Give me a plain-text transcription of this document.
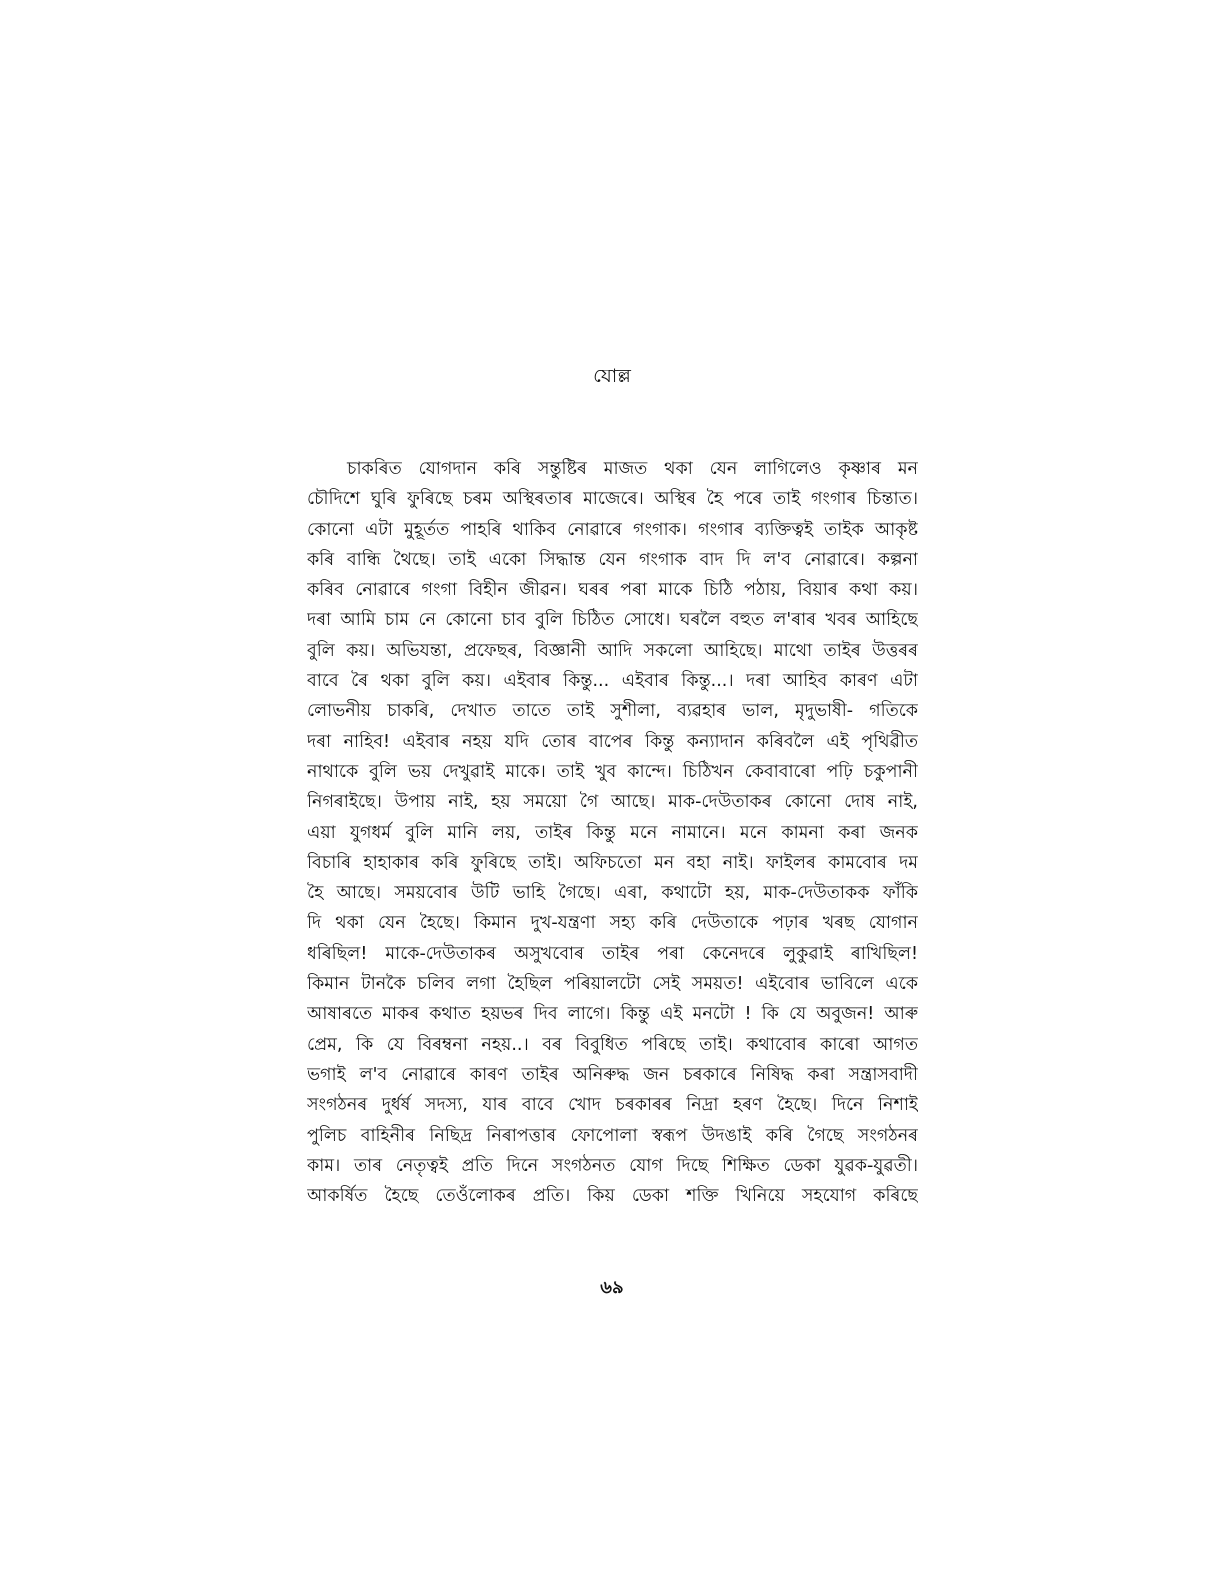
যোল্ল
চাকৰিত যোগদান কৰি সন্তুষ্টিৰ মাজত থকা যেন লাগিলেও কৃষ্ণাৰ মন
চৌদিশে ঘুৰি ফুৰিছে চৰম অস্থিৰতাৰ মাজেৰে। অস্থিৰ হৈ পৰে তাই গংগাৰ চিন্তাত।
কোনো এটা মুহূৰ্তত পাহৰি থাকিব নোৱাৰে গংগাক। গংগাৰ ব্যক্তিত্বই তাইক আকৃষ্ট
কৰি বান্ধি থৈছে। তাই একো সিদ্ধান্ত যেন গংগাক বাদ দি ল'ব নোৱাৰে। কল্পনা
কৰিব নোৱাৰে গংগা বিহীন জীৱন। ঘৰৰ পৰা মাকে চিঠি পঠায়, বিয়াৰ কথা কয়।
দৰা আমি চাম নে কোনো চাব বুলি চিঠিত সোধে। ঘৰলৈ বহুত ল'ৰাৰ খবৰ আহিছে
বুলি কয়। অভিযন্তা, প্ৰফেছৰ, বিজ্ঞানী আদি সকলো আহিছে। মাথো তাইৰ উত্তৰৰ
বাবে ৰৈ থকা বুলি কয়। এইবাৰ কিন্তু... এইবাৰ কিন্তু...। দৰা আহিব কাৰণ এটা
লোভনীয় চাকৰি, দেখাত তাতে তাই সুশীলা, ব্যৱহাৰ ভাল, মৃদুভাষী- গতিকে
দৰা নাহিব! এইবাৰ নহয় যদি তোৰ বাপেৰ কিন্তু কন্যাদান কৰিবলৈ এই পৃথিৱীত
নাথাকে বুলি ভয় দেখুৱাই মাকে। তাই খুব কান্দে। চিঠিখন কেবাবাৰো পঢ়ি চকুপানী
নিগৰাইছে। উপায় নাই, হয় সময়ো গৈ আছে। মাক-দেউতাকৰ কোনো দোষ নাই,
এয়া যুগধৰ্ম বুলি মানি লয়, তাইৰ কিন্তু মনে নামানে। মনে কামনা কৰা জনক
বিচাৰি হাহাকাৰ কৰি ফুৰিছে তাই। অফিচতো মন বহা নাই। ফাইলৰ কামবোৰ দম
হৈ আছে। সময়বোৰ উটি ভাহি গৈছে। এৰা, কথাটো হয়, মাক-দেউতাকক ফাঁকি
দি থকা যেন হৈছে। কিমান দুখ-যন্ত্ৰণা সহ্য কৰি দেউতাকে পঢ়াৰ খৰছ যোগান
ধৰিছিল! মাকে-দেউতাকৰ অসুখবোৰ তাইৰ পৰা কেনেদৰে লুকুৱাই ৰাখিছিল!
কিমান টানকৈ চলিব লগা হৈছিল পৰিয়ালটো সেই সময়ত! এইবোৰ ভাবিলে একে
আষাৰতে মাকৰ কথাত হয়ভৰ দিব লাগে। কিন্তু এই মনটো ! কি যে অবুজন! আৰু
প্ৰেম, কি যে বিৰম্বনা নহয়..। বৰ বিবুধিত পৰিছে তাই। কথাবোৰ কাৰো আগত
ভগাই ল'ব নোৱাৰে কাৰণ তাইৰ অনিৰুদ্ধ জন চৰকাৰে নিষিদ্ধ কৰা সন্ত্ৰাসবাদী
সংগঠনৰ দুৰ্ধৰ্ষ সদস্য, যাৰ বাবে খোদ চৰকাৰৰ নিদ্ৰা হৰণ হৈছে। দিনে নিশাই
পুলিচ বাহিনীৰ নিছিদ্ৰ নিৰাপত্তাৰ ফোপোলা স্বৰূপ উদঙাই কৰি গৈছে সংগঠনৰ
কাম। তাৰ নেতৃত্বই প্ৰতি দিনে সংগঠনত যোগ দিছে শিক্ষিত ডেকা যুৱক-যুৱতী।
আকৰ্ষিত হৈছে তেওঁলোকৰ প্ৰতি। কিয় ডেকা শক্তি খিনিয়ে সহযোগ কৰিছে
৬৯
